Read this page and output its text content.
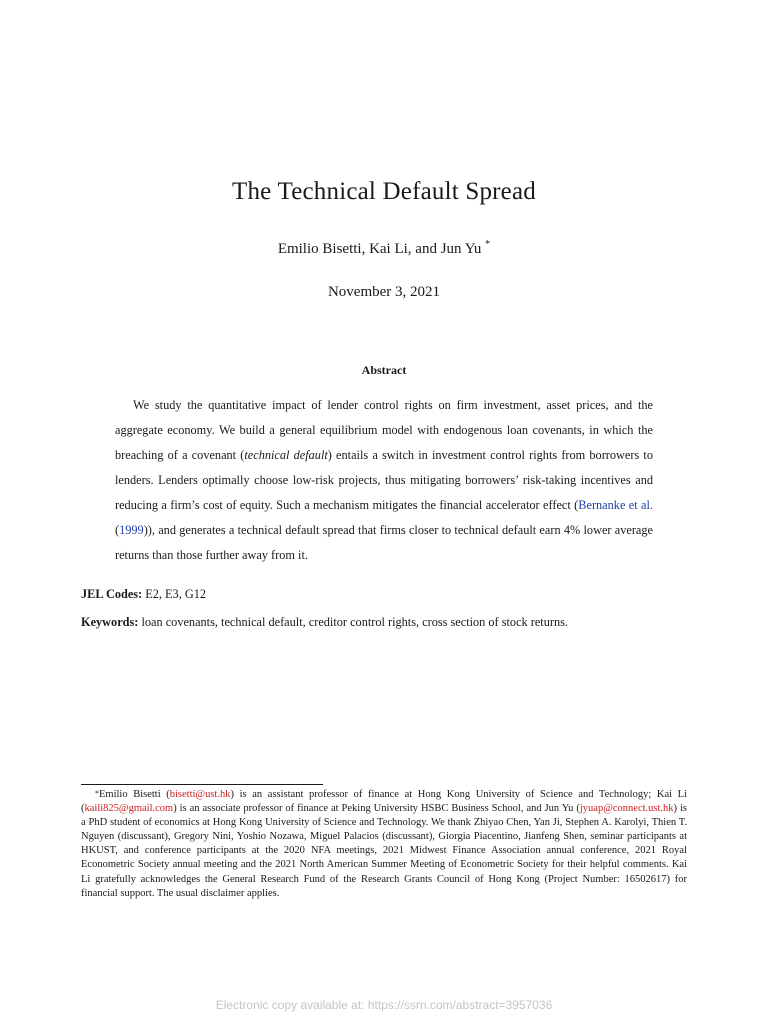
The Technical Default Spread
Emilio Bisetti, Kai Li, and Jun Yu *
November 3, 2021
Abstract
We study the quantitative impact of lender control rights on firm investment, asset prices, and the aggregate economy. We build a general equilibrium model with endogenous loan covenants, in which the breaching of a covenant (technical default) entails a switch in investment control rights from borrowers to lenders. Lenders optimally choose low-risk projects, thus mitigating borrowers’ risk-taking incentives and reducing a firm’s cost of equity. Such a mechanism mitigates the financial accelerator effect (Bernanke et al. (1999)), and generates a technical default spread that firms closer to technical default earn 4% lower average returns than those further away from it.
JEL Codes: E2, E3, G12
Keywords: loan covenants, technical default, creditor control rights, cross section of stock returns.
*Emilio Bisetti (bisetti@ust.hk) is an assistant professor of finance at Hong Kong University of Science and Technology; Kai Li (kaili825@gmail.com) is an associate professor of finance at Peking University HSBC Business School, and Jun Yu (jyuap@connect.ust.hk) is a PhD student of economics at Hong Kong University of Science and Technology. We thank Zhiyao Chen, Yan Ji, Stephen A. Karolyi, Thien T. Nguyen (discussant), Gregory Nini, Yoshio Nozawa, Miguel Palacios (discussant), Giorgia Piacentino, Jianfeng Shen, seminar participants at HKUST, and conference participants at the 2020 NFA meetings, 2021 Midwest Finance Association annual conference, 2021 Royal Econometric Society annual meeting and the 2021 North American Summer Meeting of Econometric Society for their helpful comments. Kai Li gratefully acknowledges the General Research Fund of the Research Grants Council of Hong Kong (Project Number: 16502617) for financial support. The usual disclaimer applies.
Electronic copy available at: https://ssrn.com/abstract=3957036
